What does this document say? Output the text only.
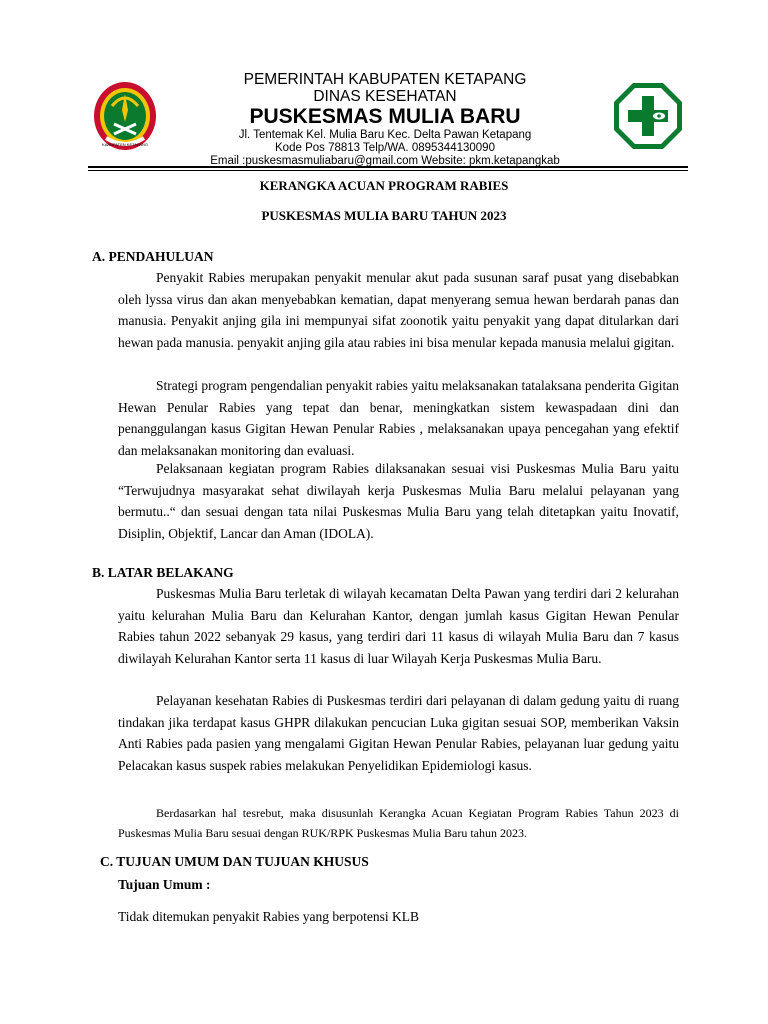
KABUPATEN KETAPANG
PEMERINTAH KABUPATEN KETAPANG
DINAS KESEHATAN
PUSKESMAS MULIA BARU
Jl. Tentemak Kel. Mulia Baru Kec. Delta Pawan Ketapang
Kode Pos 78813 Telp/WA. 0895344130090
Email :puskesmasmuliabaru@gmail.com Website: pkm.ketapangkab
KERANGKA ACUAN PROGRAM RABIES
PUSKESMAS MULIA BARU TAHUN 2023
A. PENDAHULUAN

Penyakit Rabies merupakan penyakit menular akut pada susunan saraf pusat yang disebabkan oleh lyssa virus dan akan menyebabkan kematian, dapat menyerang semua hewan berdarah panas dan manusia. Penyakit anjing gila ini mempunyai sifat zoonotik yaitu penyakit yang dapat ditularkan dari hewan pada manusia. penyakit anjing gila atau rabies ini bisa menular kepada manusia melalui gigitan.

Strategi program pengendalian penyakit rabies yaitu melaksanakan tatalaksana penderita Gigitan Hewan Penular Rabies yang tepat dan benar, meningkatkan sistem kewaspadaan dini dan penanggulangan kasus Gigitan Hewan Penular Rabies , melaksanakan upaya pencegahan yang efektif dan melaksanakan monitoring dan evaluasi.

Pelaksanaan kegiatan program Rabies dilaksanakan sesuai visi Puskesmas Mulia Baru yaitu “Terwujudnya masyarakat sehat diwilayah kerja Puskesmas Mulia Baru melalui pelayanan yang bermutu..“ dan sesuai dengan tata nilai Puskesmas Mulia Baru yang telah ditetapkan yaitu Inovatif, Disiplin, Objektif, Lancar dan Aman (IDOLA).

B. LATAR BELAKANG

Puskesmas Mulia Baru terletak di wilayah kecamatan Delta Pawan yang terdiri dari 2 kelurahan yaitu kelurahan Mulia Baru dan Kelurahan Kantor, dengan jumlah kasus Gigitan Hewan Penular Rabies tahun 2022 sebanyak 29 kasus, yang terdiri dari 11 kasus di wilayah Mulia Baru dan 7 kasus diwilayah Kelurahan Kantor serta 11 kasus di luar Wilayah Kerja Puskesmas Mulia Baru.

Pelayanan kesehatan Rabies di Puskesmas terdiri dari pelayanan di dalam gedung yaitu di ruang tindakan jika terdapat kasus GHPR dilakukan pencucian Luka gigitan sesuai SOP, memberikan Vaksin Anti Rabies pada pasien yang mengalami Gigitan Hewan Penular Rabies, pelayanan luar gedung yaitu Pelacakan kasus suspek rabies melakukan Penyelidikan Epidemiologi kasus.

Berdasarkan hal tesrebut, maka disusunlah Kerangka Acuan Kegiatan Program Rabies Tahun 2023 di Puskesmas Mulia Baru sesuai dengan RUK/RPK Puskesmas Mulia Baru tahun 2023.

C. TUJUAN UMUM DAN TUJUAN KHUSUS
Tujuan Umum :

Tidak ditemukan penyakit Rabies yang berpotensi KLB
